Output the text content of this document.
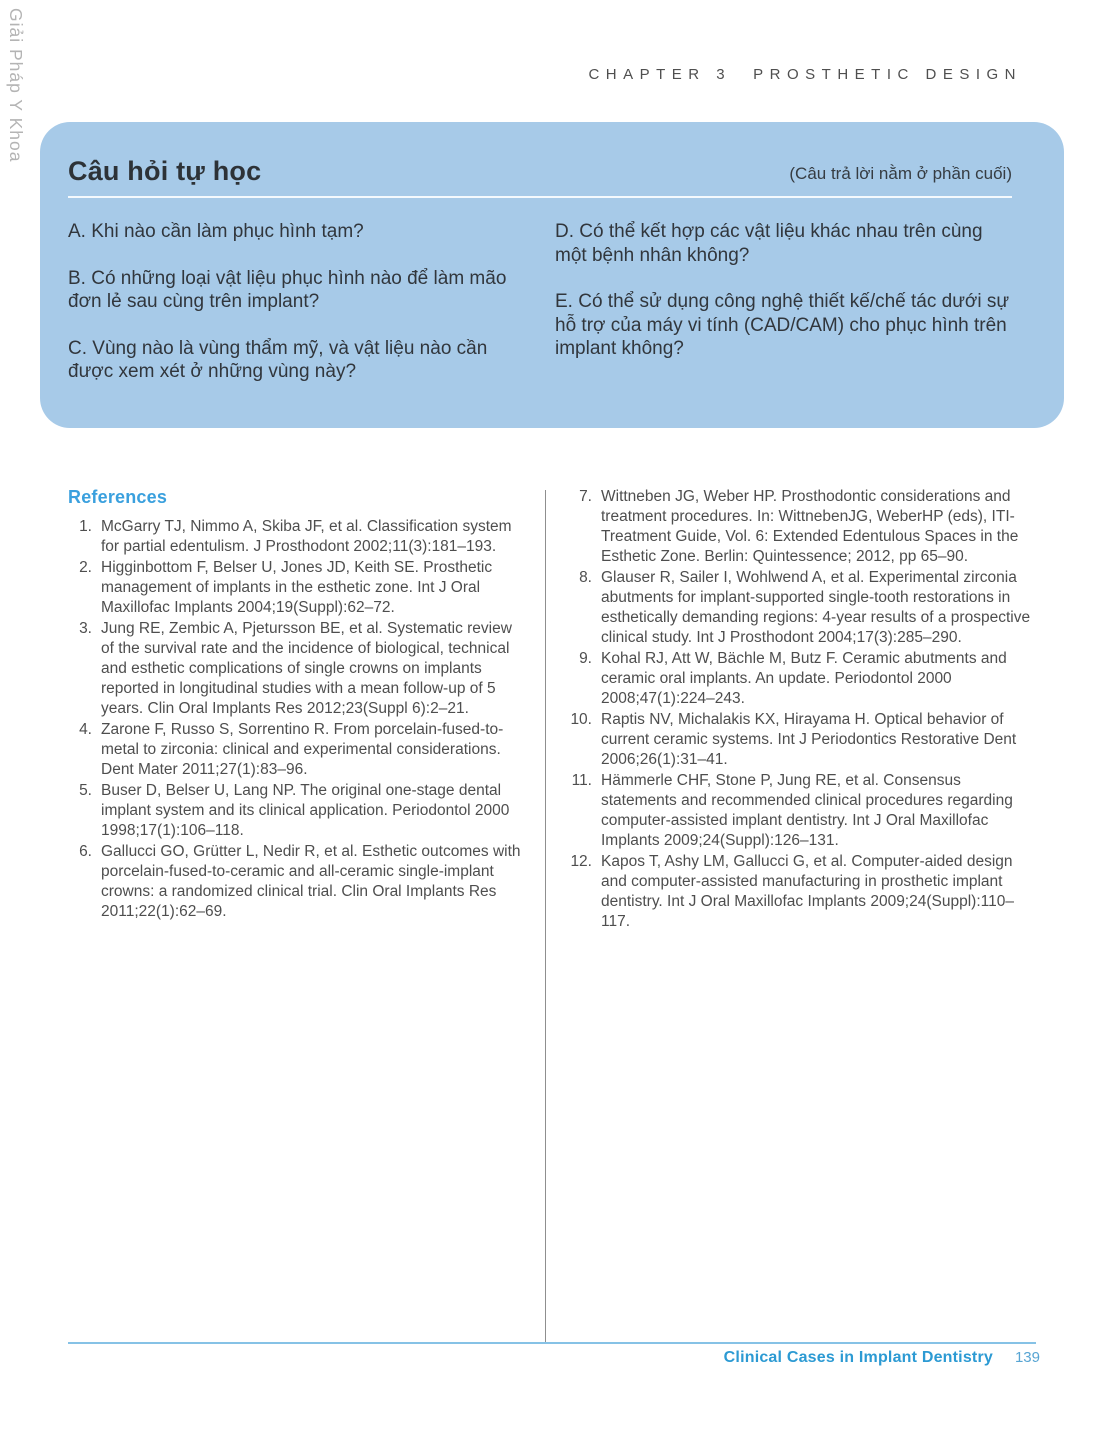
Giải Pháp Y Khoa	CHAPTER 3 PROSTHETIC DESIGN
Câu hỏi tự học	(Câu trả lời nằm ở phần cuối)

A. Khi nào cần làm phục hình tạm?

B. Có những loại vật liệu phục hình nào để làm mão đơn lẻ sau cùng trên implant?

C. Vùng nào là vùng thẩm mỹ, và vật liệu nào cần được xem xét ở những vùng này?

D. Có thể kết hợp các vật liệu khác nhau trên cùng một bệnh nhân không?

E. Có thể sử dụng công nghệ thiết kế/chế tác dưới sự hỗ trợ của máy vi tính (CAD/CAM) cho phục hình trên implant không?

References
1. McGarry TJ, Nimmo A, Skiba JF, et al. Classification system for partial edentulism. J Prosthodont 2002;11(3):181–193.
2. Higginbottom F, Belser U, Jones JD, Keith SE. Prosthetic management of implants in the esthetic zone. Int J Oral Maxillofac Implants 2004;19(Suppl):62–72.
3. Jung RE, Zembic A, Pjetursson BE, et al. Systematic review of the survival rate and the incidence of biological, technical and esthetic complications of single crowns on implants reported in longitudinal studies with a mean follow-up of 5 years. Clin Oral Implants Res 2012;23(Suppl 6):2–21.
4. Zarone F, Russo S, Sorrentino R. From porcelain-fused-to-metal to zirconia: clinical and experimental considerations. Dent Mater 2011;27(1):83–96.
5. Buser D, Belser U, Lang NP. The original one-stage dental implant system and its clinical application. Periodontol 2000 1998;17(1):106–118.
6. Gallucci GO, Grütter L, Nedir R, et al. Esthetic outcomes with porcelain-fused-to-ceramic and all-ceramic single-implant crowns: a randomized clinical trial. Clin Oral Implants Res 2011;22(1):62–69.
7. Wittneben JG, Weber HP. Prosthodontic considerations and treatment procedures. In: WittnebenJG, WeberHP (eds), ITI-Treatment Guide, Vol. 6: Extended Edentulous Spaces in the Esthetic Zone. Berlin: Quintessence; 2012, pp 65–90.
8. Glauser R, Sailer I, Wohlwend A, et al. Experimental zirconia abutments for implant-supported single-tooth restorations in esthetically demanding regions: 4-year results of a prospective clinical study. Int J Prosthodont 2004;17(3):285–290.
9. Kohal RJ, Att W, Bächle M, Butz F. Ceramic abutments and ceramic oral implants. An update. Periodontol 2000 2008;47(1):224–243.
10. Raptis NV, Michalakis KX, Hirayama H. Optical behavior of current ceramic systems. Int J Periodontics Restorative Dent 2006;26(1):31–41.
11. Hämmerle CHF, Stone P, Jung RE, et al. Consensus statements and recommended clinical procedures regarding computer-assisted implant dentistry. Int J Oral Maxillofac Implants 2009;24(Suppl):126–131.
12. Kapos T, Ashy LM, Gallucci G, et al. Computer-aided design and computer-assisted manufacturing in prosthetic implant dentistry. Int J Oral Maxillofac Implants 2009;24(Suppl):110–117.
Clinical Cases in Implant Dentistry 139
